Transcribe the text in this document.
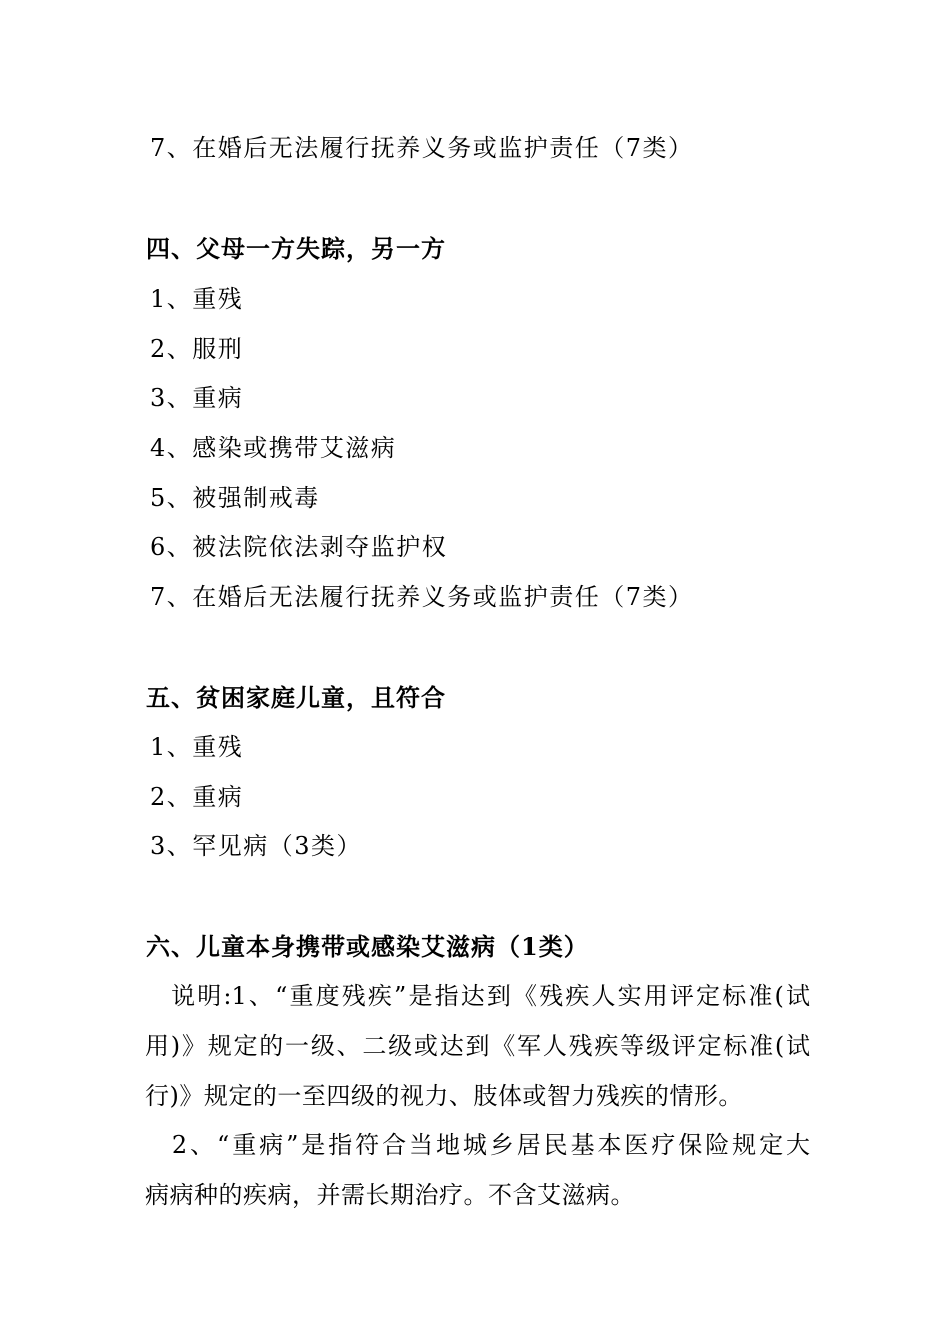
7、在婚后无法履行抚养义务或监护责任（7类）
四、父母一方失踪，另一方
1、重残
2、服刑
3、重病
4、感染或携带艾滋病
5、被强制戒毒
6、被法院依法剥夺监护权
7、在婚后无法履行抚养义务或监护责任（7类）
五、贫困家庭儿童，且符合
1、重残
2、重病
3、罕见病（3类）
六、儿童本身携带或感染艾滋病（1类）
　说明:1、“重度残疾”是指达到《残疾人实用评定标准(试
用)》规定的一级、二级或达到《军人残疾等级评定标准(试
行)》规定的一至四级的视力、肢体或智力残疾的情形。
　2、“重病”是指符合当地城乡居民基本医疗保险规定大
病病种的疾病，并需长期治疗。不含艾滋病。
